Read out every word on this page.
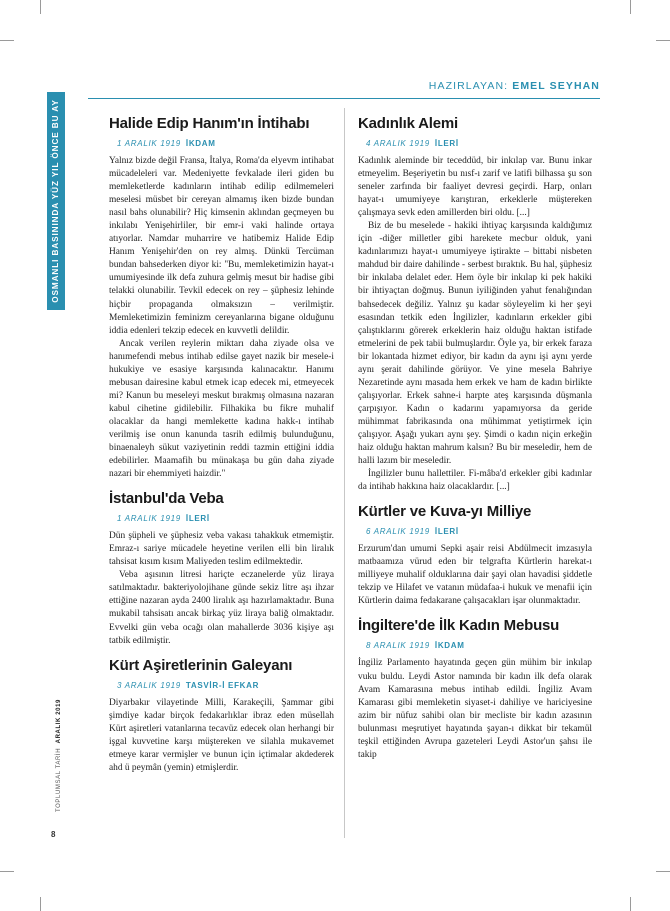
OSMANLI BASININDA YÜZ YIL ÖNCE BU AY
TOPLUMSAL TARİH  ARALIK 2019
8
HAZIRLAYAN: EMEL SEYHAN
Halide Edip Hanım'ın İntihabı
1 ARALIK 1919 İKDAM

Yalnız bizde değil Fransa, İtalya, Roma'da elyevm intihabat mücadeleleri var. Medeniyette fevkalade ileri giden bu memleketlerde kadınların intihab edilip edilmemeleri meselesi müsbet bir cereyan almamış iken bizde bundan nasıl bahs olunabilir? Hiç kimsenin aklından geçmeyen bu inkılabı Yenişehirliler, bir emr-i vaki halinde ortaya atıyorlar. Namdar muharrire ve hatibemiz Halide Edip Hanım Yenişehir'den on rey almış. Dünkü Tercüman bundan bahsederken diyor ki: "Bu, memleketimizin hayat-ı umumiyesinde ilk defa zuhura gelmiş mesut bir hadise gibi telakki olunabilir. Tevkil edecek on rey – şüphesiz lehinde hiçbir propaganda olmaksızın – verilmiştir. Memleketimizin feminizm cereyanlarına bigane olduğunu iddia edenleri tekzip edecek en kuvvetli delildir.

Ancak verilen reylerin miktarı daha ziyade olsa ve hanımefendi mebus intihab edilse gayet nazik bir mesele-i hukukiye ve esasiye karşısında kalınacaktır. Hanımı mebusan dairesine kabul etmek icap edecek mi, etmeyecek mi? Kanun bu meseleyi meskut bırakmış olmasına nazaran kabul cihetine gidilebilir. Filhakika bu fikre muhalif olacaklar da hangi memlekette kadına hakk-ı intihab verilmiş ise onun kanunda tasrih edilmiş bulunduğunu, binaenaleyh sükut vaziyetinin reddi tazmin ettiğini iddia edebilirler. Maamafih bu münakaşa bu gün daha ziyade nazari bir ehemmiyeti haizdir."

İstanbul'da Veba
1 ARALIK 1919 İLERİ

Dün şüpheli ve şüphesiz veba vakası tahakkuk etmemiştir. Emraz-ı sariye mücadele heyetine verilen elli bin liralık tahsisat kısım kısım Maliyeden teslim edilmektedir.

Veba aşısının litresi hariçte eczanelerde yüz liraya satılmaktadır. bakteriyolojihane günde sekiz litre aşı ihzar ettiğine nazaran ayda 2400 liralık aşı hazırlamaktadır. Buna mukabil tahsisatı ancak birkaç yüz liraya baliğ olmaktadır. Evvelki gün veba ocağı olan mahallerde 3036 kişiye aşı tatbik edilmiştir.

Kürt Aşiretlerinin Galeyanı
3 ARALIK 1919 TASVİR-İ EFKAR

Diyarbakır vilayetinde Milli, Karakeçili, Şammar gibi şimdiye kadar birçok fedakarlıklar ibraz eden müsellah Kürt aşiretleri vatanlarına tecavüz edecek olan herhangi bir işgal kuvvetine karşı müştereken ve silahla mukavemet etmeye karar vermişler ve bunun için içtimalar akdederek ahd ü peymân (yemin) etmişlerdir.

Kadınlık Alemi
4 ARALIK 1919 İLERİ

Kadınlık aleminde bir teceddüd, bir inkılap var. Bunu inkar etmeyelim. Beşeriyetin bu nısf-ı zarif ve latifi bilhassa şu son seneler zarfında bir faaliyet devresi geçirdi. Harp, onları hayat-ı umumiyeye karıştıran, erkeklerle müştereken çalışmaya sevk eden amillerden biri oldu. [...]

Biz de bu meselede - hakiki ihtiyaç karşısında kaldığımız için -diğer milletler gibi harekete mecbur olduk, yani kadınlarımızı hayat-ı umumiyeye iştirakte – bittabi nisbeten mahdud bir daire dahilinde - serbest bıraktık. Bu hal, şüphesiz bir inkılaba delalet eder. Hem öyle bir inkılap ki pek hakiki bir ihtiyaçtan doğmuş. Bunun iyiliğinden yahut fenalığından bahsedecek değiliz. Yalnız şu kadar söyleyelim ki her şeyi esasından tetkik eden İngilizler, kadınların erkekler gibi çalıştıklarını görerek erkeklerin haiz olduğu haktan istifade etmelerini de pek tabii bulmuşlardır. Öyle ya, bir erkek faraza bir lokantada hizmet ediyor, bir kadın da aynı işi aynı yerde aynı şerait dahilinde görüyor. Ve yine mesela Bahriye Nezaretinde aynı masada hem erkek ve ham de kadın birlikte çalışıyorlar. Erkek sahne-i harpte ateş karşısında düşmanla çarpışıyor. Kadın o kadarını yapamıyorsa da geride mühimmat fabrikasında ona mühimmat yetiştirmek için çalışıyor. Aşağı yukarı aynı şey. Şimdi o kadın niçin erkeğin haiz olduğu haktan mahrum kalsın? Bu bir meseledir, hem de halli lazım bir meseledir.

İngilizler bunu hallettiler. Fi-mâba'd erkekler gibi kadınlar da intihab hakkına haiz olacaklardır. [...]

Kürtler ve Kuva-yı Milliye
6 ARALIK 1919 İLERİ

Erzurum'dan umumi Sepki aşair reisi Abdülmecit imzasıyla matbaamıza vürud eden bir telgrafta Kürtlerin harekat-ı milliyeye muhalif olduklarına dair şayi olan havadisi şiddetle tekzip ve Hilafet ve vatanın müdafaa-i hukuk ve menafii için Kürtlerin daima fedakarane çalışacakları işar olunmaktadır.

İngiltere'de İlk Kadın Mebusu
8 ARALIK 1919 İKDAM

İngiliz Parlamento hayatında geçen gün mühim bir inkılap vuku buldu. Leydi Astor namında bir kadın ilk defa olarak Avam Kamarasına mebus intihab edildi. İngiliz Avam Kamarası gibi memleketin siyaset-i dahiliye ve hariciyesine azim bir nüfuz sahibi olan bir mecliste bir kadın azasının bulunması meşrutiyet hayatında şayan-ı dikkat bir tekamül teşkil ettiğinden Avrupa gazeteleri Leydi Astor'un şahsı ile takip
